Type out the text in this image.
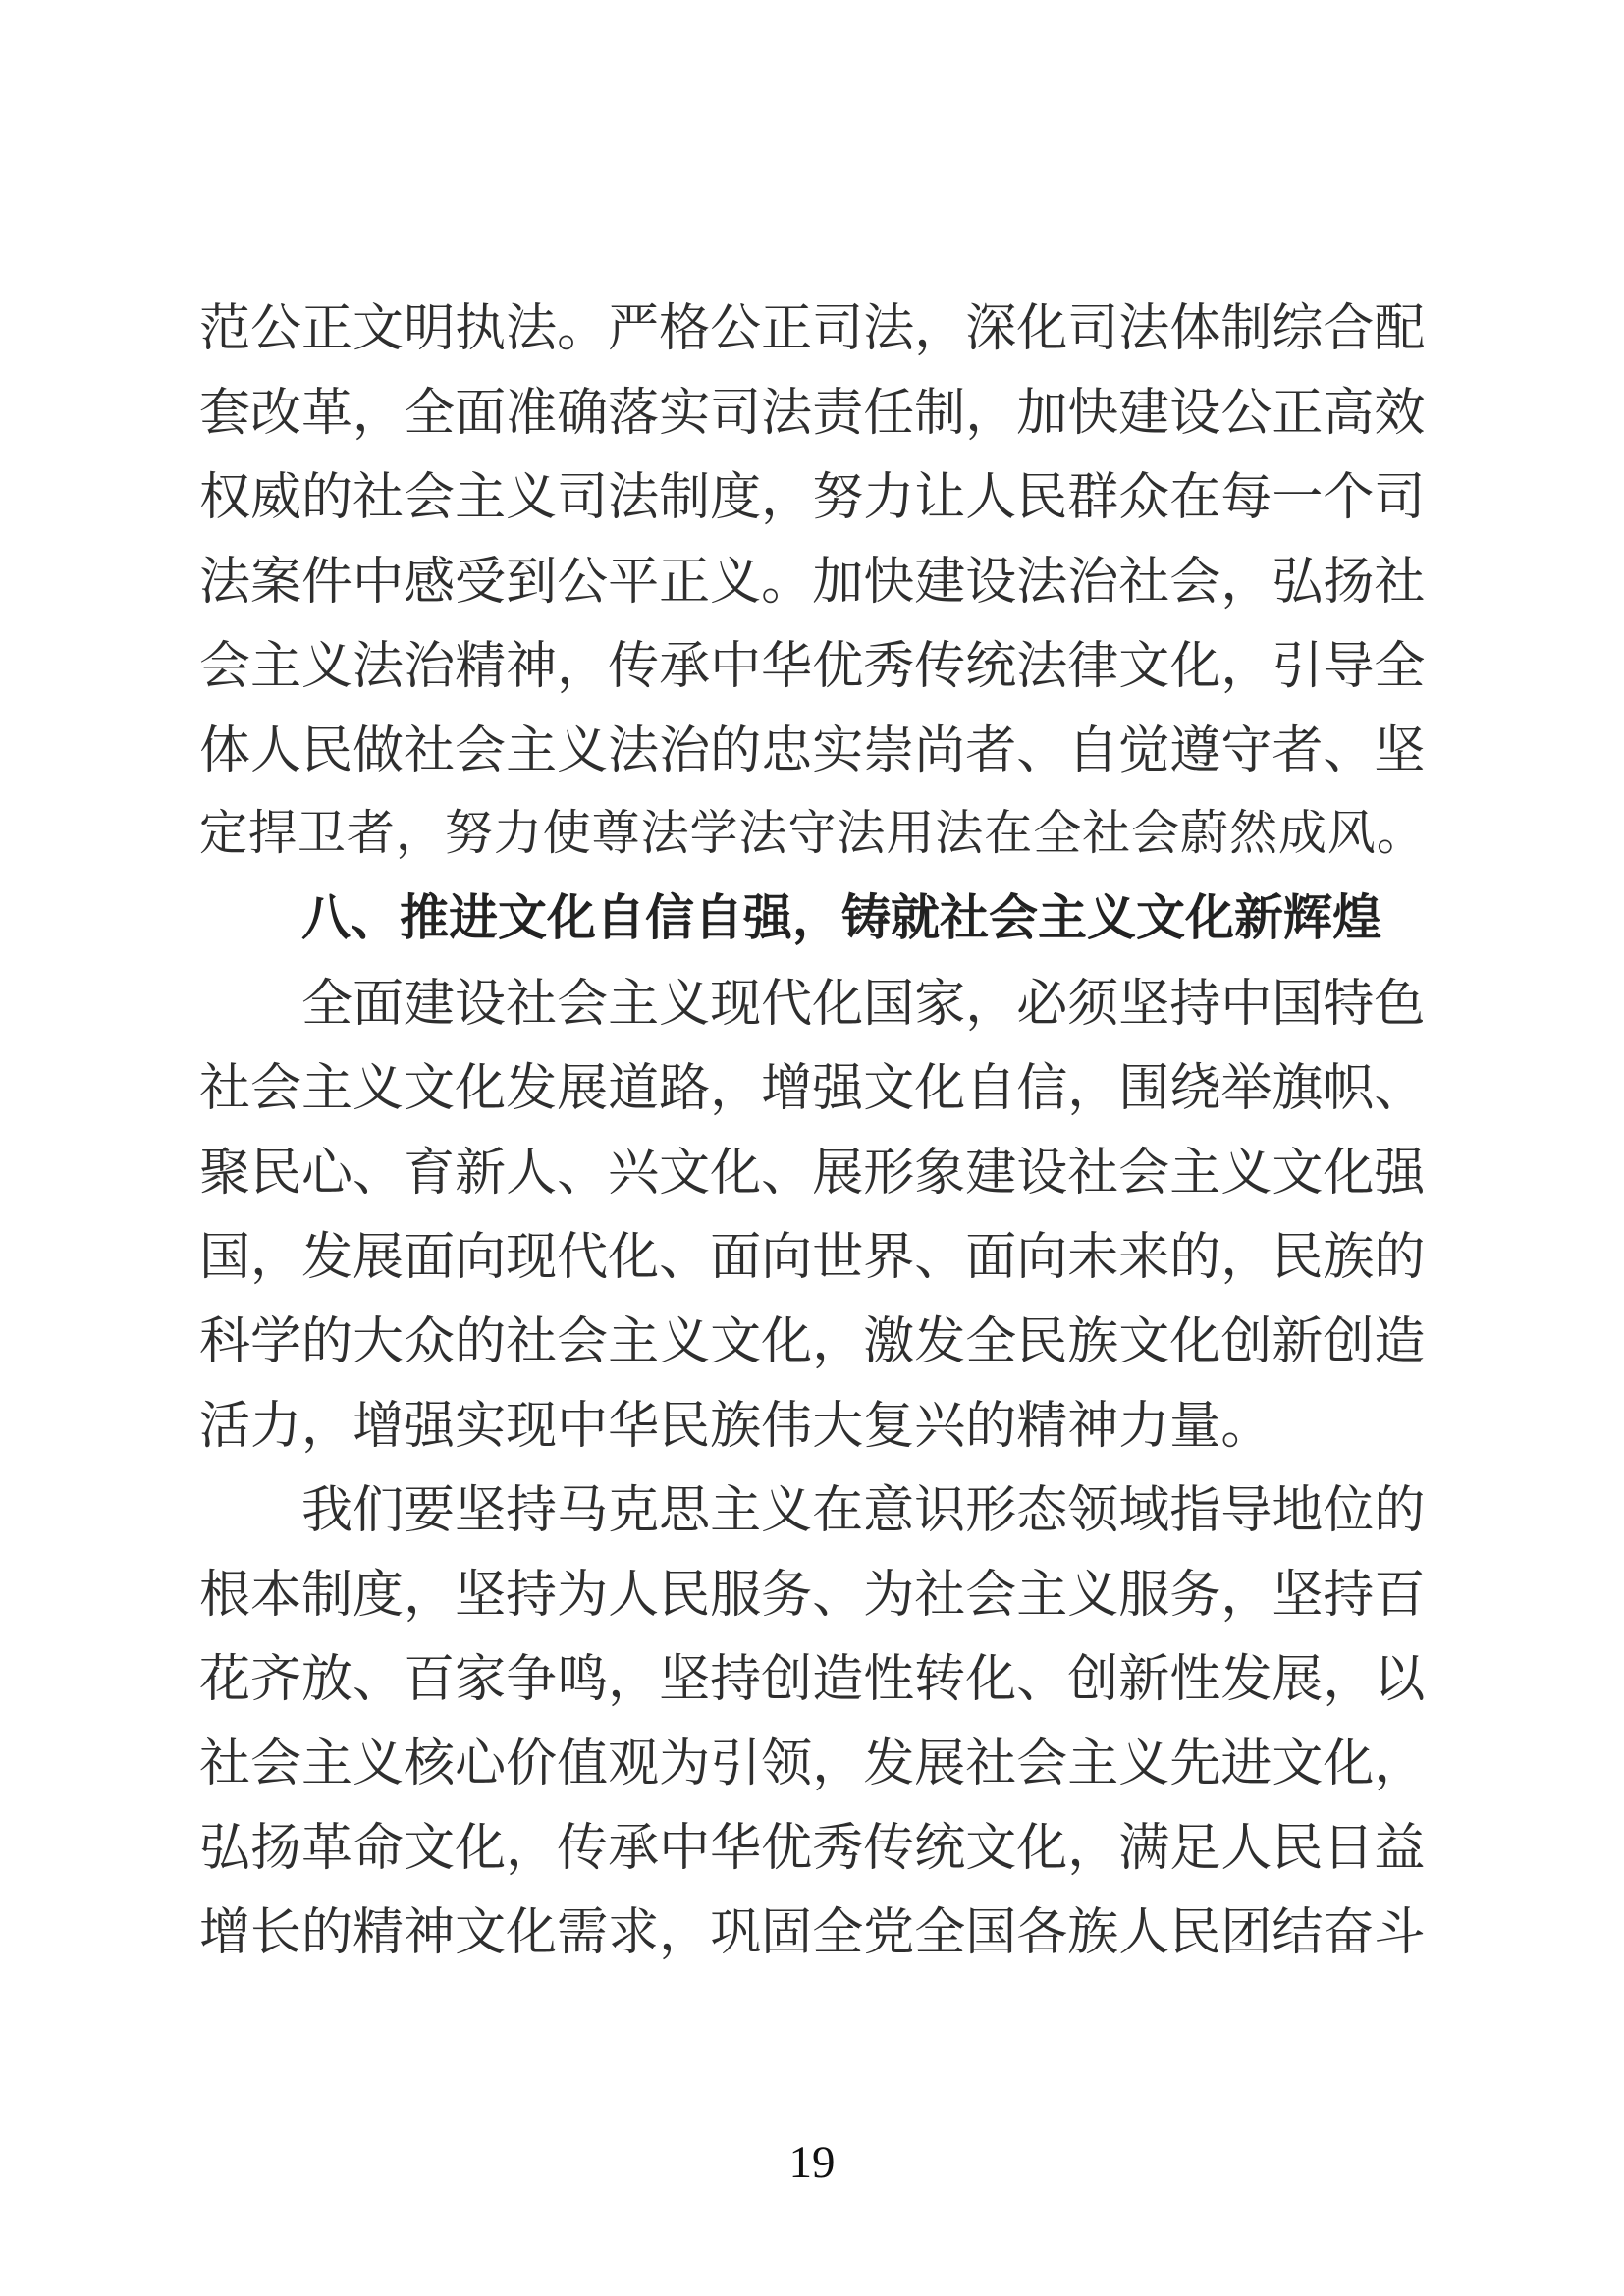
范 公 正 文 明 执 法 。 严 格 公 正 司 法 ， 深 化 司 法 体 制 综 合 配
套 改 革 ， 全 面 准 确 落 实 司 法 责 任 制 ， 加 快 建 设 公 正 高 效
权 威 的 社 会 主 义 司 法 制 度 ， 努 力 让 人 民 群 众 在 每 一 个 司
法 案 件 中 感 受 到 公 平 正 义 。 加 快 建 设 法 治 社 会 ， 弘 扬 社
会 主 义 法 治 精 神 ， 传 承 中 华 优 秀 传 统 法 律 文 化 ， 引 导 全
体 人 民 做 社 会 主 义 法 治 的 忠 实 崇 尚 者 、 自 觉 遵 守 者 、 坚
定 捍 卫 者 ， 努 力 使 尊 法 学 法 守 法 用 法 在 全 社 会 蔚 然 成 风 。
八 、 推 进 文 化 自 信 自 强 ， 铸 就 社 会 主 义 文 化 新 辉 煌
全 面 建 设 社 会 主 义 现 代 化 国 家 ， 必 须 坚 持 中 国 特 色
社 会 主 义 文 化 发 展 道 路 ， 增 强 文 化 自 信 ， 围 绕 举 旗 帜 、
聚 民 心 、 育 新 人 、 兴 文 化 、 展 形 象 建 设 社 会 主 义 文 化 强
国 ， 发 展 面 向 现 代 化 、 面 向 世 界 、 面 向 未 来 的 ， 民 族 的
科 学 的 大 众 的 社 会 主 义 文 化 ， 激 发 全 民 族 文 化 创 新 创 造
活 力 ， 增 强 实 现 中 华 民 族 伟 大 复 兴 的 精 神 力 量 。
我 们 要 坚 持 马 克 思 主 义 在 意 识 形 态 领 域 指 导 地 位 的
根 本 制 度 ， 坚 持 为 人 民 服 务 、 为 社 会 主 义 服 务 ， 坚 持 百
花 齐 放 、 百 家 争 鸣 ， 坚 持 创 造 性 转 化 、 创 新 性 发 展 ， 以
社 会 主 义 核 心 价 值 观 为 引 领 ， 发 展 社 会 主 义 先 进 文 化 ，
弘 扬 革 命 文 化 ， 传 承 中 华 优 秀 传 统 文 化 ， 满 足 人 民 日 益
增 长 的 精 神 文 化 需 求 ， 巩 固 全 党 全 国 各 族 人 民 团 结 奋 斗
19
